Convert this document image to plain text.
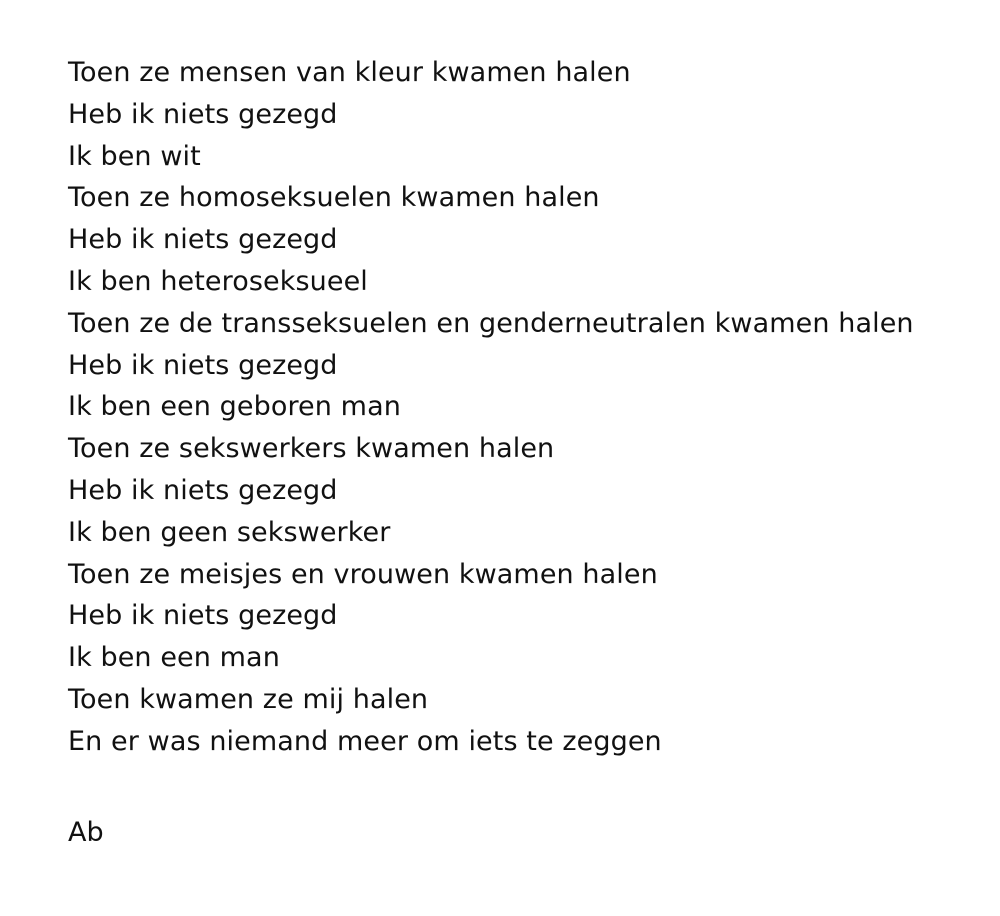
Toen ze mensen van kleur kwamen halen
Heb ik niets gezegd
Ik ben wit
Toen ze homoseksuelen kwamen halen
Heb ik niets gezegd
Ik ben heteroseksueel
Toen ze de transseksuelen en genderneutralen kwamen halen
Heb ik niets gezegd
Ik ben een geboren man
Toen ze sekswerkers kwamen halen
Heb ik niets gezegd
Ik ben geen sekswerker
Toen ze meisjes en vrouwen kwamen halen
Heb ik niets gezegd
Ik ben een man
Toen kwamen ze mij halen
En er was niemand meer om iets te zeggen
Ab
